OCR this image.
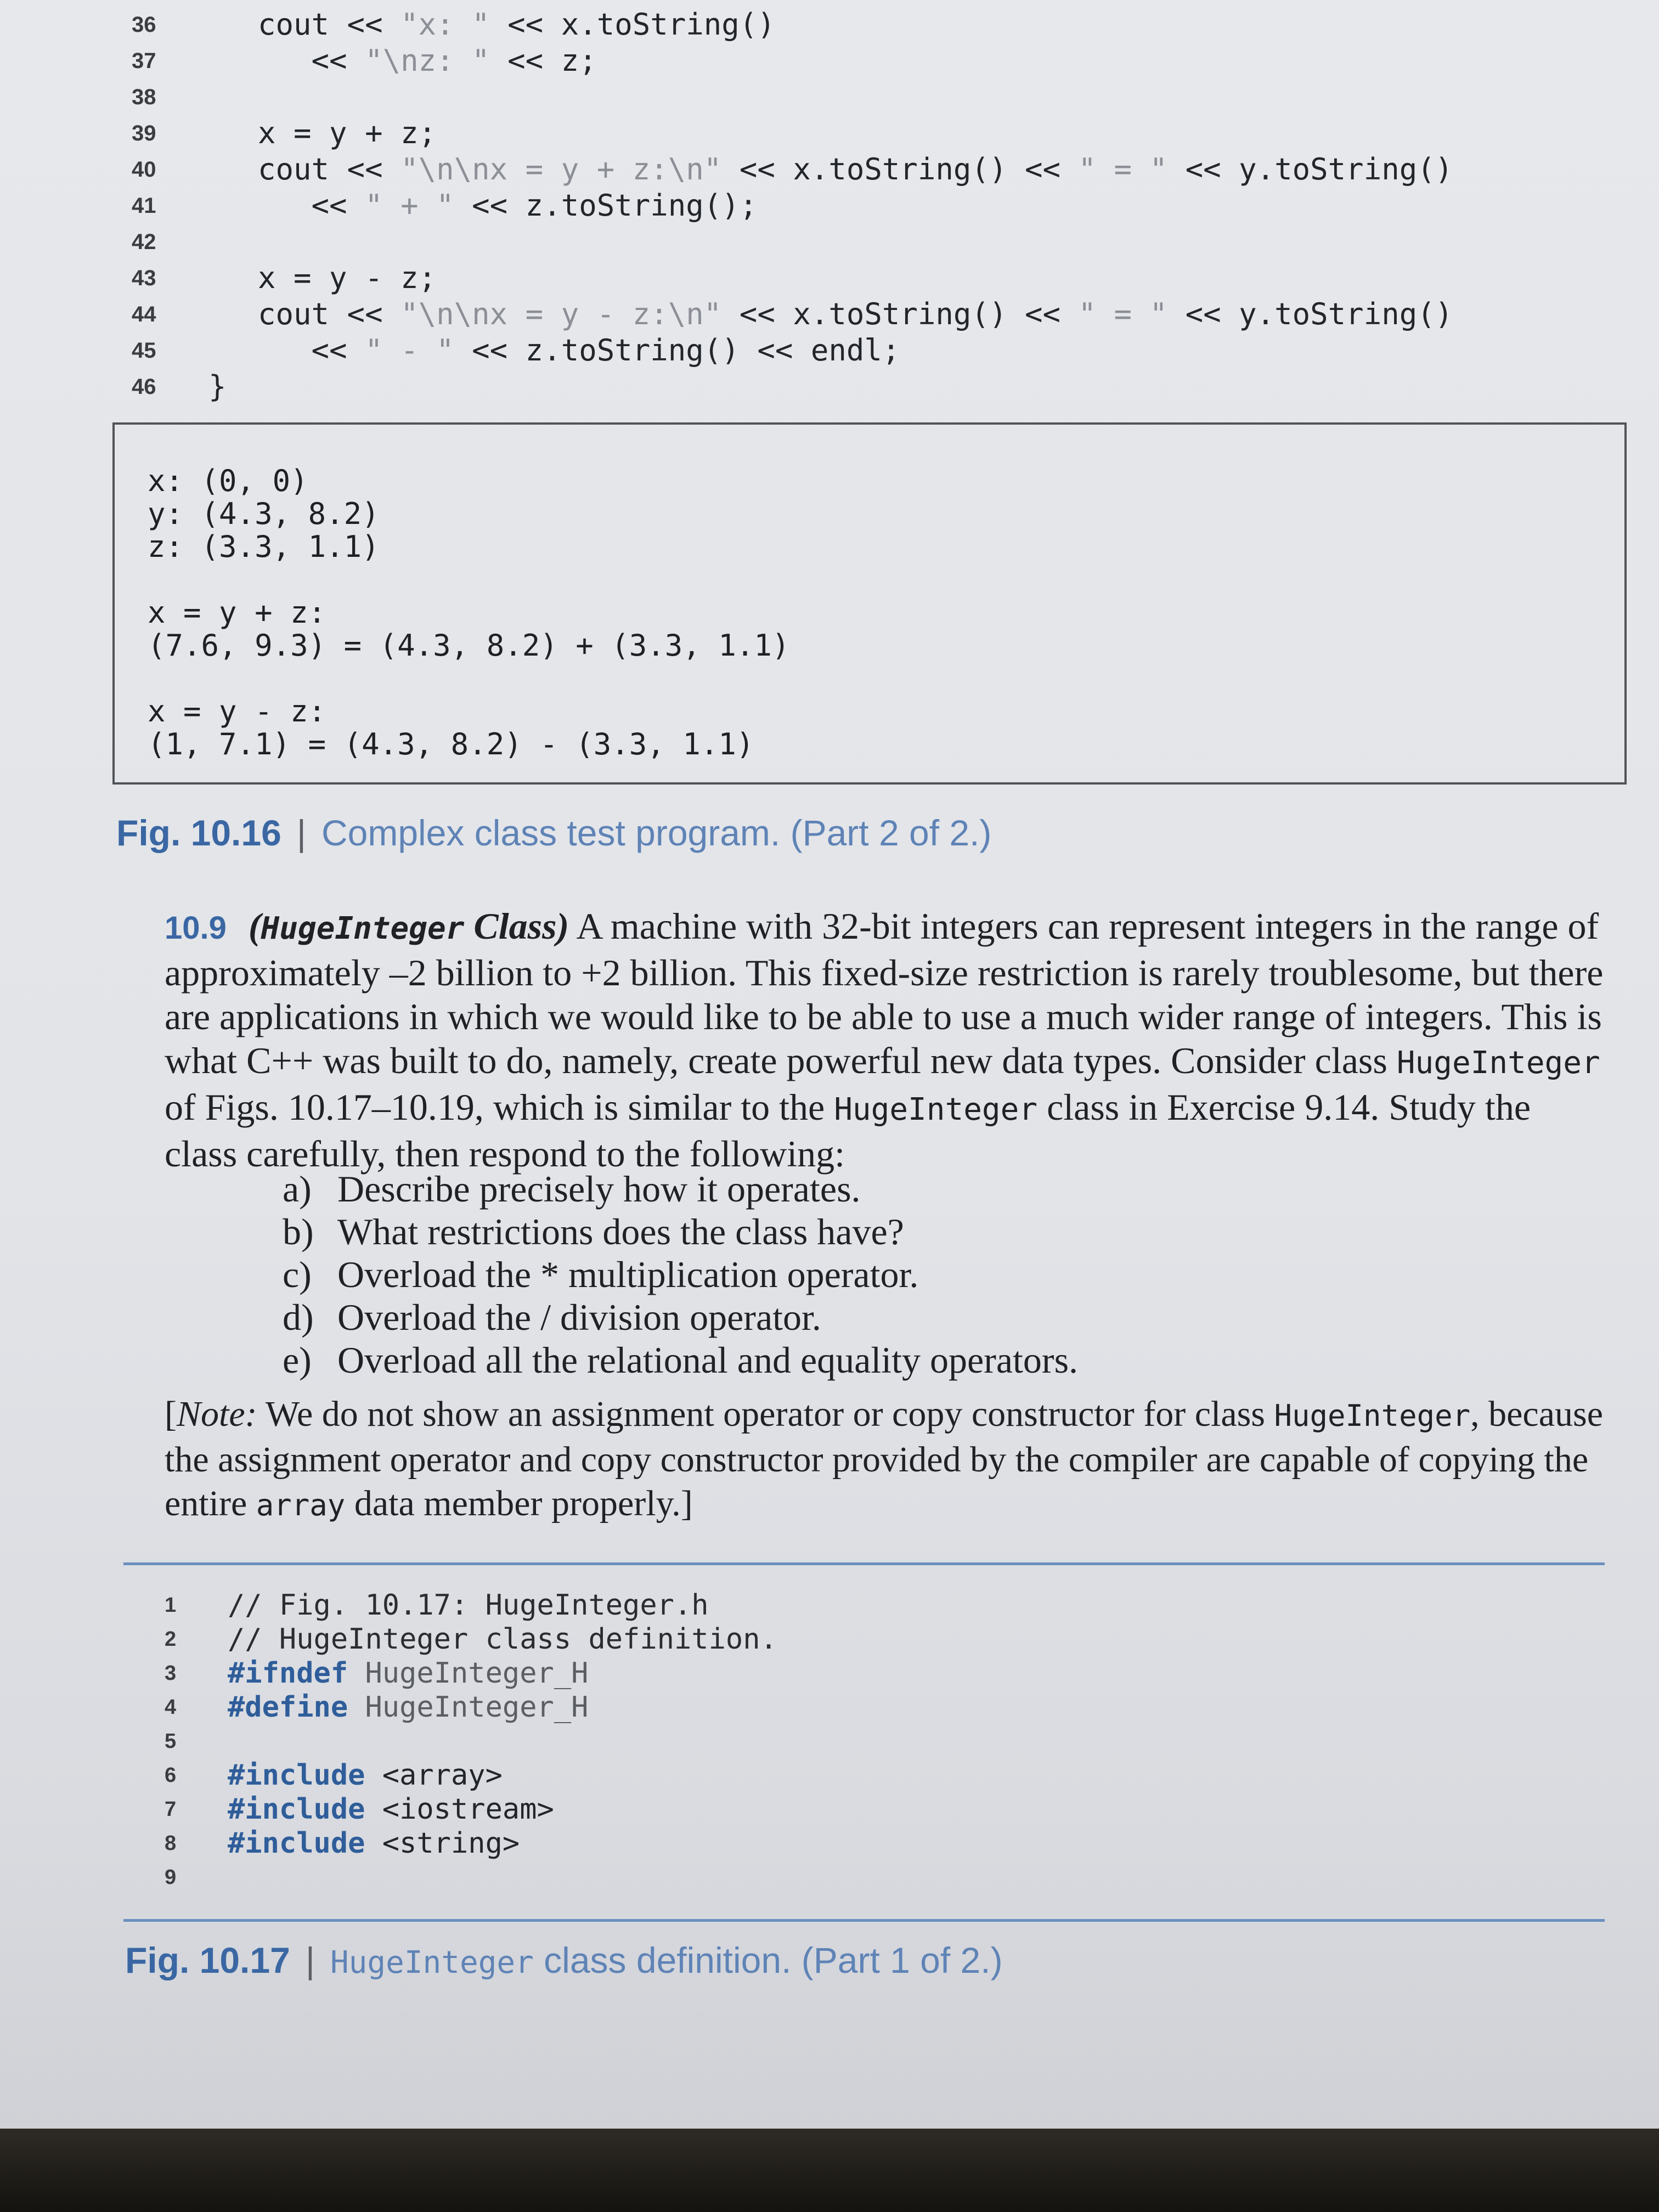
36	cout << "x: " << x.toString()
37	<< "\nz: " << z;
38
39	x = y + z;
40	cout << "\n\nx = y + z:\n" << x.toString() << " = " << y.toString()
41	<< " + " << z.toString();
42
43	x = y - z;
44	cout << "\n\nx = y - z:\n" << x.toString() << " = " << y.toString()
45	<< " - " << z.toString() << endl;
46	}
x: (0, 0)
y: (4.3, 8.2)
z: (3.3, 1.1)
x = y + z:
(7.6, 9.3) = (4.3, 8.2) + (3.3, 1.1)
x = y - z:
(1, 7.1) = (4.3, 8.2) - (3.3, 1.1)
Fig. 10.16 | Complex class test program. (Part 2 of 2.)
10.9 (HugeInteger Class) A machine with 32-bit integers can represent integers in the range of approximately –2 billion to +2 billion. This fixed-size restriction is rarely troublesome, but there are applications in which we would like to be able to use a much wider range of integers. This is what C++ was built to do, namely, create powerful new data types. Consider class HugeInteger of Figs. 10.17–10.19, which is similar to the HugeInteger class in Exercise 9.14. Study the class carefully, then respond to the following:
a) Describe precisely how it operates.
b) What restrictions does the class have?
c) Overload the * multiplication operator.
d) Overload the / division operator.
e) Overload all the relational and equality operators.
[Note: We do not show an assignment operator or copy constructor for class HugeInteger, because the assignment operator and copy constructor provided by the compiler are capable of copying the entire array data member properly.]
1	// Fig. 10.17: HugeInteger.h
2	// HugeInteger class definition.
3	#ifndef HugeInteger_H
4	#define HugeInteger_H
5
6	#include <array>
7	#include <iostream>
8	#include <string>
9
Fig. 10.17 | HugeInteger class definition. (Part 1 of 2.)
